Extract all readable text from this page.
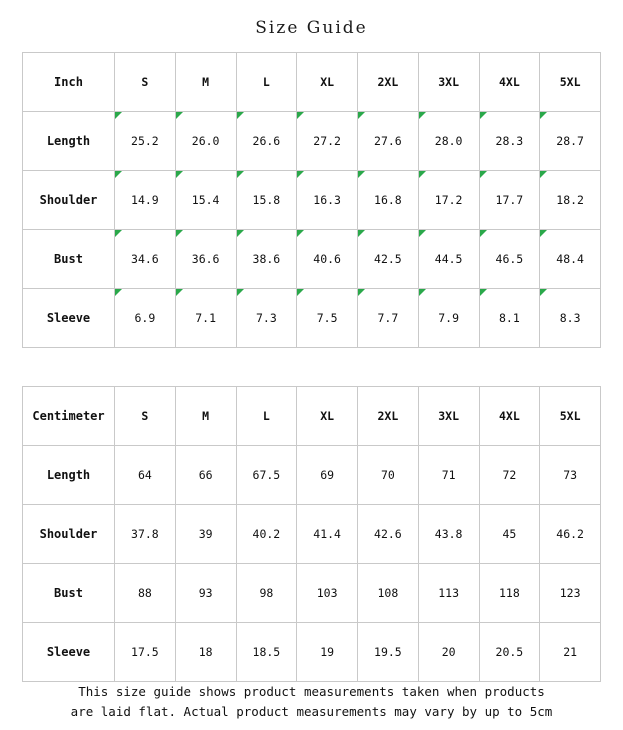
Size Guide
Inch	S	M	L	XL	2XL	3XL	4XL	5XL
Length	25.2	26.0	26.6	27.2	27.6	28.0	28.3	28.7
Shoulder	14.9	15.4	15.8	16.3	16.8	17.2	17.7	18.2
Bust	34.6	36.6	38.6	40.6	42.5	44.5	46.5	48.4
Sleeve	6.9	7.1	7.3	7.5	7.7	7.9	8.1	8.3
Centimeter	S	M	L	XL	2XL	3XL	4XL	5XL
Length	64	66	67.5	69	70	71	72	73
Shoulder	37.8	39	40.2	41.4	42.6	43.8	45	46.2
Bust	88	93	98	103	108	113	118	123
Sleeve	17.5	18	18.5	19	19.5	20	20.5	21
This size guide shows product measurements taken when products
are laid flat. Actual product measurements may vary by up to 5cm
